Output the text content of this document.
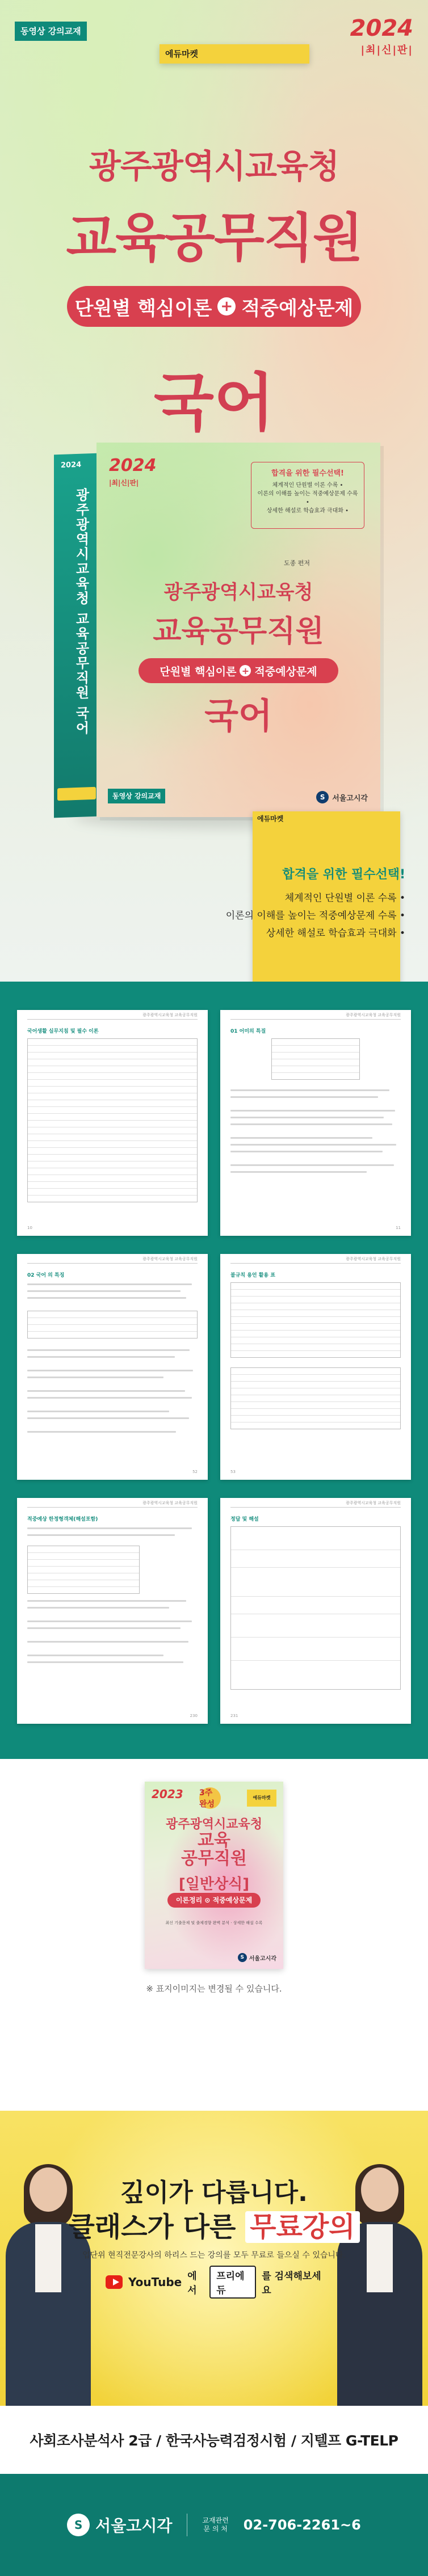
동영상 강의교재
에듀마켓
2024
|최|신|판|
광주광역시교육청
교육공무직원
단원별 핵심이론 + 적중예상문제
국어
2024
광주광역시교육청 교육공무직원 국어
2024
|최|신|판|
합격을 위한 필수선택!
체계적인 단원별 이론 수록 •
이론의 이해를 높이는 적중예상문제 수록 •
상세한 해설로 학습효과 극대화 •
도종 편저
광주광역시교육청
교육공무직원
단원별 핵심이론 + 적중예상문제
국어
동영상 강의교재
에듀마켓
S 서울고시각
합격을 위한 필수선택!
체계적인 단원별 이론 수록 •
이론의 이해를 높이는 적중예상문제 수록 •
상세한 해설로 학습효과 극대화 •
광주광역시교육청 교육공무직원
국어생활 실무지침 및 필수 이론
10
광주광역시교육청 교육공무직원
01 어미의 특질
11
광주광역시교육청 교육공무직원
02 국어 의 특징
52
광주광역시교육청 교육공무직원
불규칙 용언 활용 표
53
광주광역시교육청 교육공무직원
적중예상 한정형객체(해설포함)
230
광주광역시교육청 교육공무직원
정답 및 해설
231
2023 3주 완성
에듀마켓
광주광역시교육청
교육
공무직원
[일반상식]
이론정리 ⊙ 적중예상문제
최신 기출문제 및 출제경향 완벽 분석 · 상세한 해설 수록
S 서울고시각
※ 표지이미지는 변경될 수 있습니다.
깊이가 다릅니다.
클래스가 다른 무료강의
업단위 현직전문강사의 하리스 드는 강의를 모두 무료로 들으실 수 있습니다.
YouTube 에서
프리에듀
를 검색해보세요
사회조사분석사 2급 / 한국사능력검정시험 / 지텔프 G-TELP
S 서울고시각	교재관련
문 의 처 02-706-2261~6
